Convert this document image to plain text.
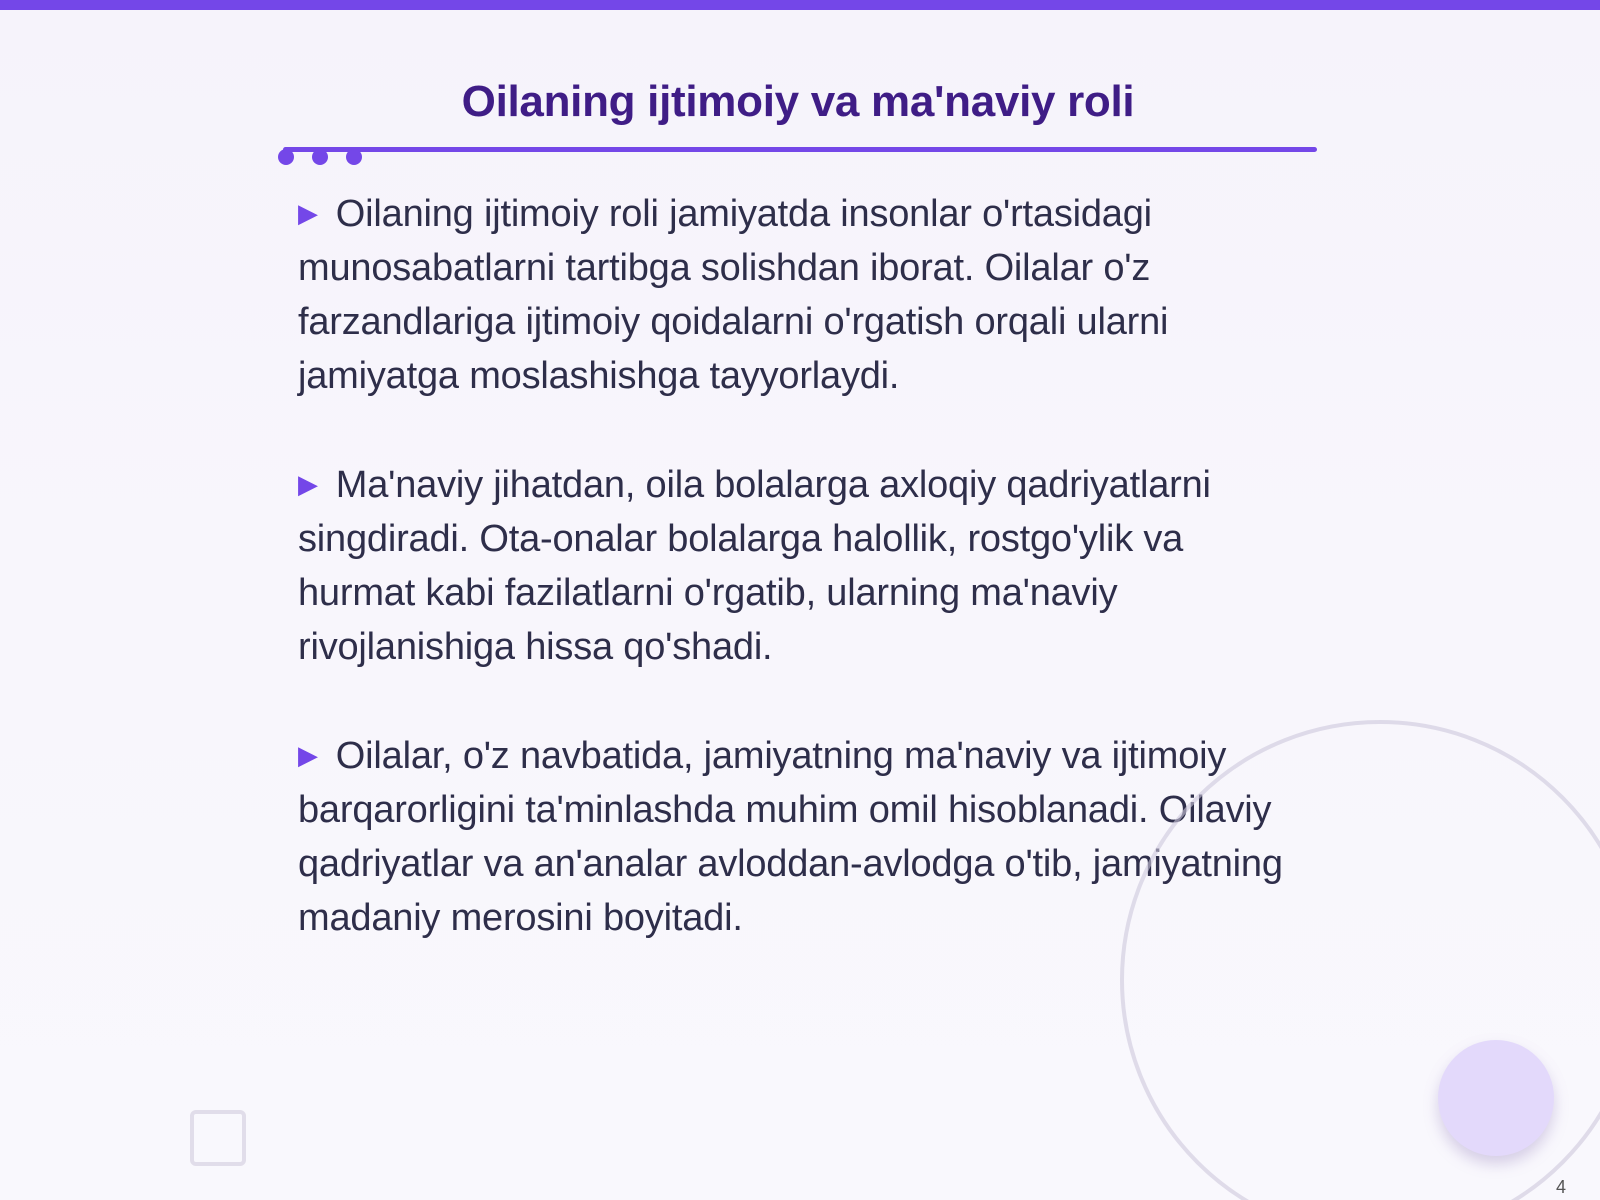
Oilaning ijtimoiy va ma'naviy roli
▶ Oilaning ijtimoiy roli jamiyatda insonlar o'rtasidagi munosabatlarni tartibga solishdan iborat. Oilalar o'z farzandlariga ijtimoiy qoidalarni o'rgatish orqali ularni jamiyatga moslashishga tayyorlaydi.
▶ Ma'naviy jihatdan, oila bolalarga axloqiy qadriyatlarni singdiradi. Ota-onalar bolalarga halollik, rostgo'ylik va hurmat kabi fazilatlarni o'rgatib, ularning ma'naviy rivojlanishiga hissa qo'shadi.
▶ Oilalar, o'z navbatida, jamiyatning ma'naviy va ijtimoiy barqarorligini ta'minlashda muhim omil hisoblanadi. Oilaviy qadriyatlar va an'analar avloddan-avlodga o'tib, jamiyatning madaniy merosini boyitadi.
4
